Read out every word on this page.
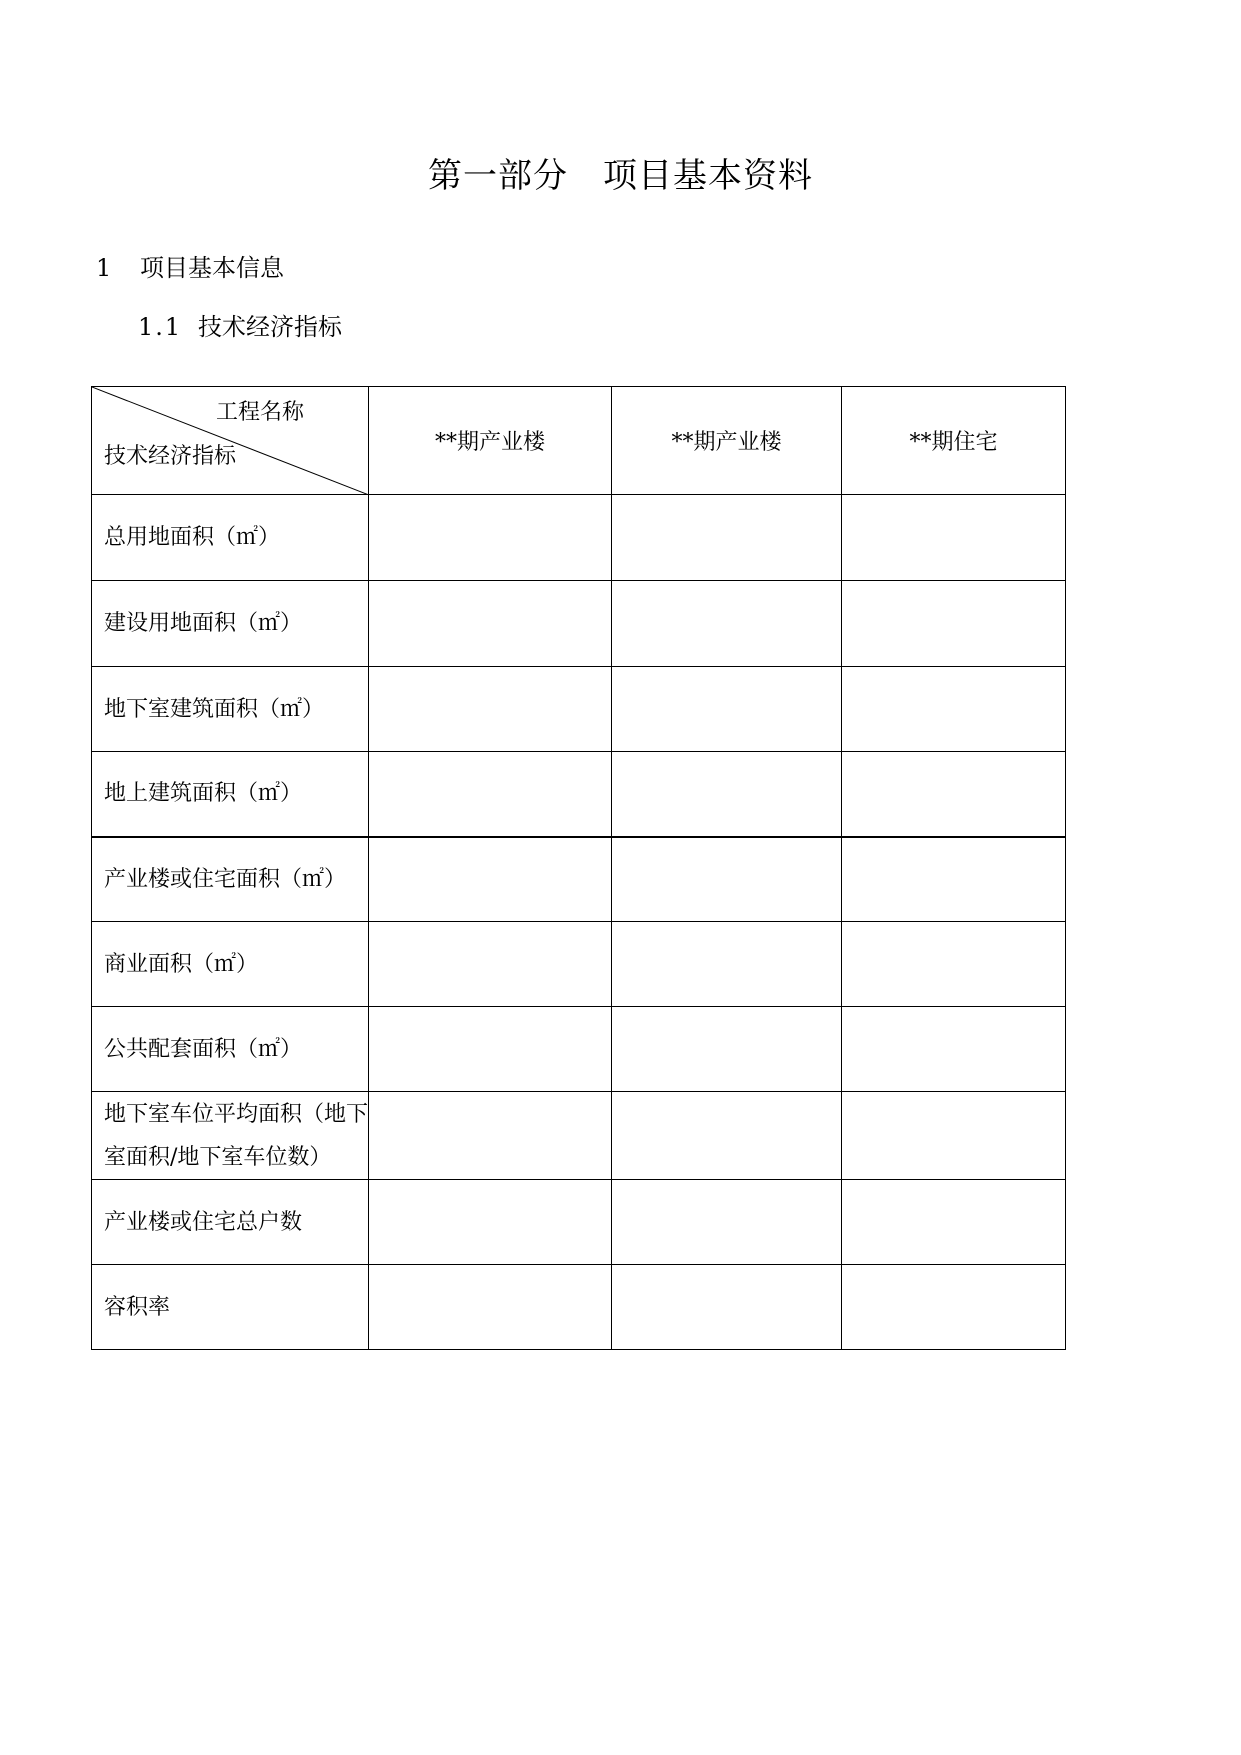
第一部分　项目基本资料
1 项目基本信息
1.1 技术经济指标
工程名称
技术经济指标	**期产业楼	**期产业楼	**期住宅
总用地面积（㎡）			
建设用地面积（㎡）			
地下室建筑面积（㎡）			
地上建筑面积（㎡）			
产业楼或住宅面积（㎡）			
商业面积（㎡）			
公共配套面积（㎡）			
地下室车位平均面积（地下室面积/地下室车位数）			
产业楼或住宅总户数			
容积率			
